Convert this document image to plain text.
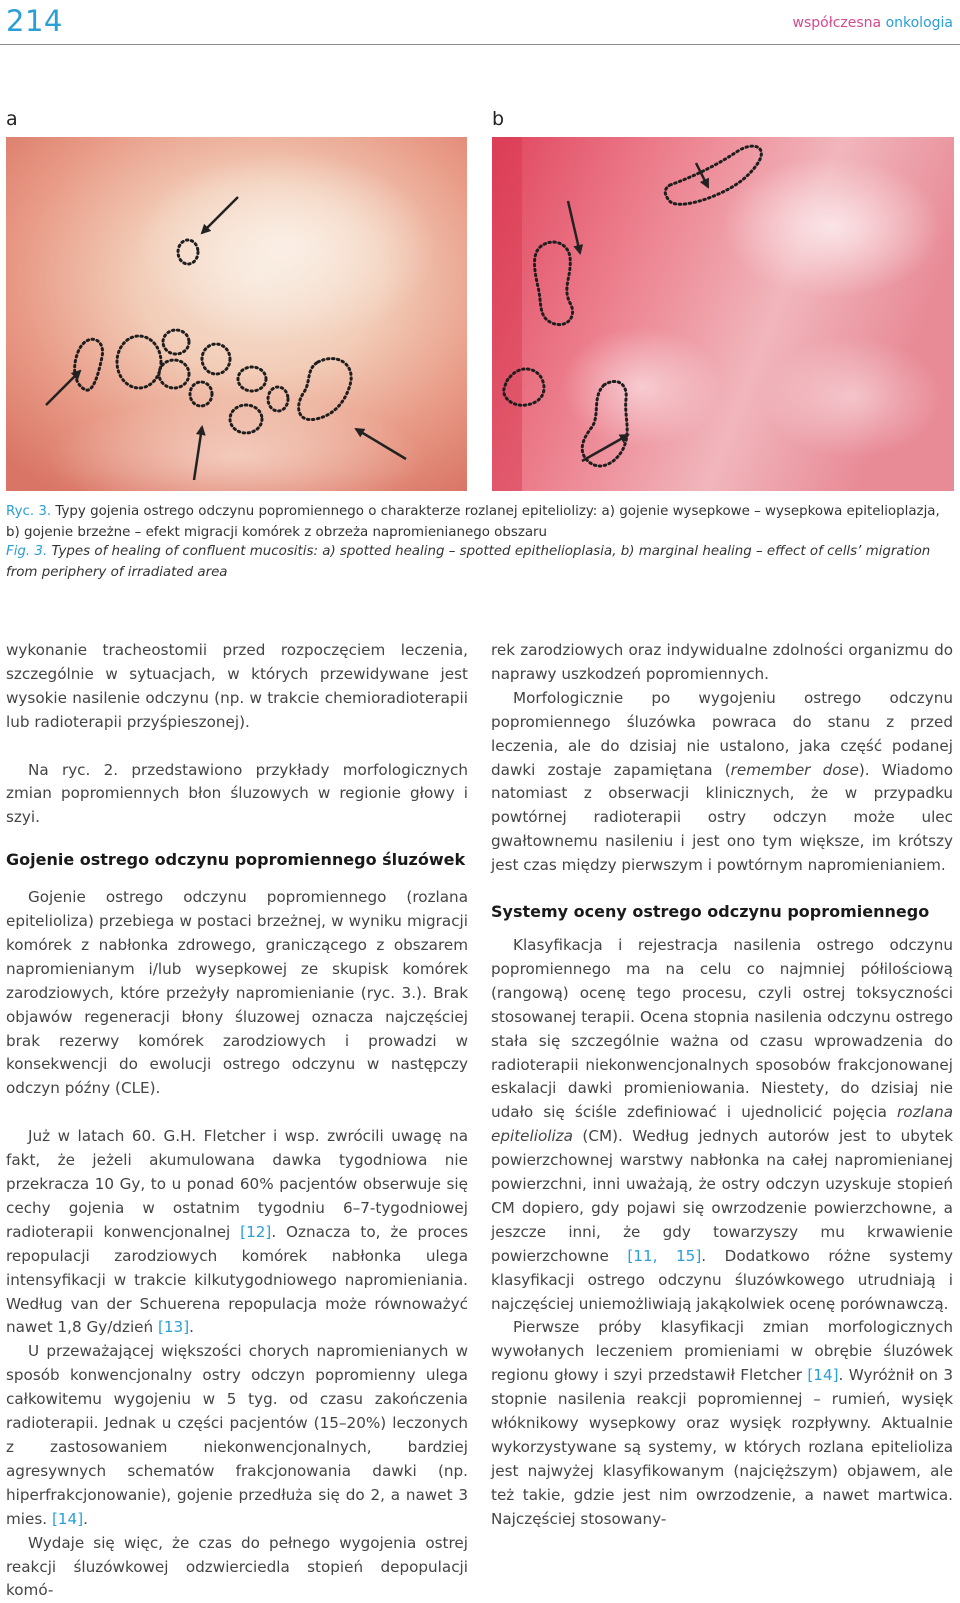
214	współczesna onkologia
a	b
Ryc. 3. Typy gojenia ostrego odczynu popromiennego o charakterze rozlanej epiteliolizy: a) gojenie wysepkowe – wysepkowa epitelioplazja, b) gojenie brzeżne – efekt migracji komórek z obrzeża napromienianego obszaru
Fig. 3. Types of healing of confluent mucositis: a) spotted healing – spotted epithelioplasia, b) marginal healing – effect of cells’ migration from periphery of irradiated area

wykonanie tracheostomii przed rozpoczęciem leczenia, szczególnie w sytuacjach, w których przewidywane jest wysokie nasilenie odczynu (np. w trakcie chemioradioterapii lub radioterapii przyśpieszonej).

Na ryc. 2. przedstawiono przykłady morfologicznych zmian popromiennych błon śluzowych w regionie głowy i szyi.

Gojenie ostrego odczynu popromiennego śluzówek

Gojenie ostrego odczynu popromiennego (rozlana epitelioliza) przebiega w postaci brzeżnej, w wyniku migracji komórek z nabłonka zdrowego, graniczącego z obszarem napromienianym i/lub wysepkowej ze skupisk komórek zarodziowych, które przeżyły napromienianie (ryc. 3.). Brak objawów regeneracji błony śluzowej oznacza najczęściej brak rezerwy komórek zarodziowych i prowadzi w konsekwencji do ewolucji ostrego odczynu w następczy odczyn późny (CLE).

Już w latach 60. G.H. Fletcher i wsp. zwrócili uwagę na fakt, że jeżeli akumulowana dawka tygodniowa nie przekracza 10 Gy, to u ponad 60% pacjentów obserwuje się cechy gojenia w ostatnim tygodniu 6–7-tygodniowej radioterapii konwencjonalnej [12]. Oznacza to, że proces repopulacji zarodziowych komórek nabłonka ulega intensyfikacji w trakcie kilkutygodniowego napromieniania. Według van der Schuerena repopulacja może równoważyć nawet 1,8 Gy/dzień [13].

U przeważającej większości chorych napromienianych w sposób konwencjonalny ostry odczyn popromienny ulega całkowitemu wygojeniu w 5 tyg. od czasu zakończenia radioterapii. Jednak u części pacjentów (15–20%) leczonych z zastosowaniem niekonwencjonalnych, bardziej agresywnych schematów frakcjonowania dawki (np. hiperfrakcjonowanie), gojenie przedłuża się do 2, a nawet 3 mies. [14].

Wydaje się więc, że czas do pełnego wygojenia ostrej reakcji śluzówkowej odzwierciedla stopień depopulacji komó-

rek zarodziowych oraz indywidualne zdolności organizmu do naprawy uszkodzeń popromiennych.

Morfologicznie po wygojeniu ostrego odczynu popromiennego śluzówka powraca do stanu z przed leczenia, ale do dzisiaj nie ustalono, jaka część podanej dawki zostaje zapamiętana (remember dose). Wiadomo natomiast z obserwacji klinicznych, że w przypadku powtórnej radioterapii ostry odczyn może ulec gwałtownemu nasileniu i jest ono tym większe, im krótszy jest czas między pierwszym i powtórnym napromienianiem.

Systemy oceny ostrego odczynu popromiennego

Klasyfikacja i rejestracja nasilenia ostrego odczynu popromiennego ma na celu co najmniej półilościową (rangową) ocenę tego procesu, czyli ostrej toksyczności stosowanej terapii. Ocena stopnia nasilenia odczynu ostrego stała się szczególnie ważna od czasu wprowadzenia do radioterapii niekonwencjonalnych sposobów frakcjonowanej eskalacji dawki promieniowania. Niestety, do dzisiaj nie udało się ściśle zdefiniować i ujednolicić pojęcia rozlana epitelioliza (CM). Według jednych autorów jest to ubytek powierzchownej warstwy nabłonka na całej napromienianej powierzchni, inni uważają, że ostry odczyn uzyskuje stopień CM dopiero, gdy pojawi się owrzodzenie powierzchowne, a jeszcze inni, że gdy towarzyszy mu krwawienie powierzchowne [11, 15]. Dodatkowo różne systemy klasyfikacji ostrego odczynu śluzówkowego utrudniają i najczęściej uniemożliwiają jakąkolwiek ocenę porównawczą.

Pierwsze próby klasyfikacji zmian morfologicznych wywołanych leczeniem promieniami w obrębie śluzówek regionu głowy i szyi przedstawił Fletcher [14]. Wyróżnił on 3 stopnie nasilenia reakcji popromiennej – rumień, wysięk włóknikowy wysepkowy oraz wysięk rozpływny. Aktualnie wykorzystywane są systemy, w których rozlana epitelioliza jest najwyżej klasyfikowanym (najcięższym) objawem, ale też takie, gdzie jest nim owrzodzenie, a nawet martwica. Najczęściej stosowany-
